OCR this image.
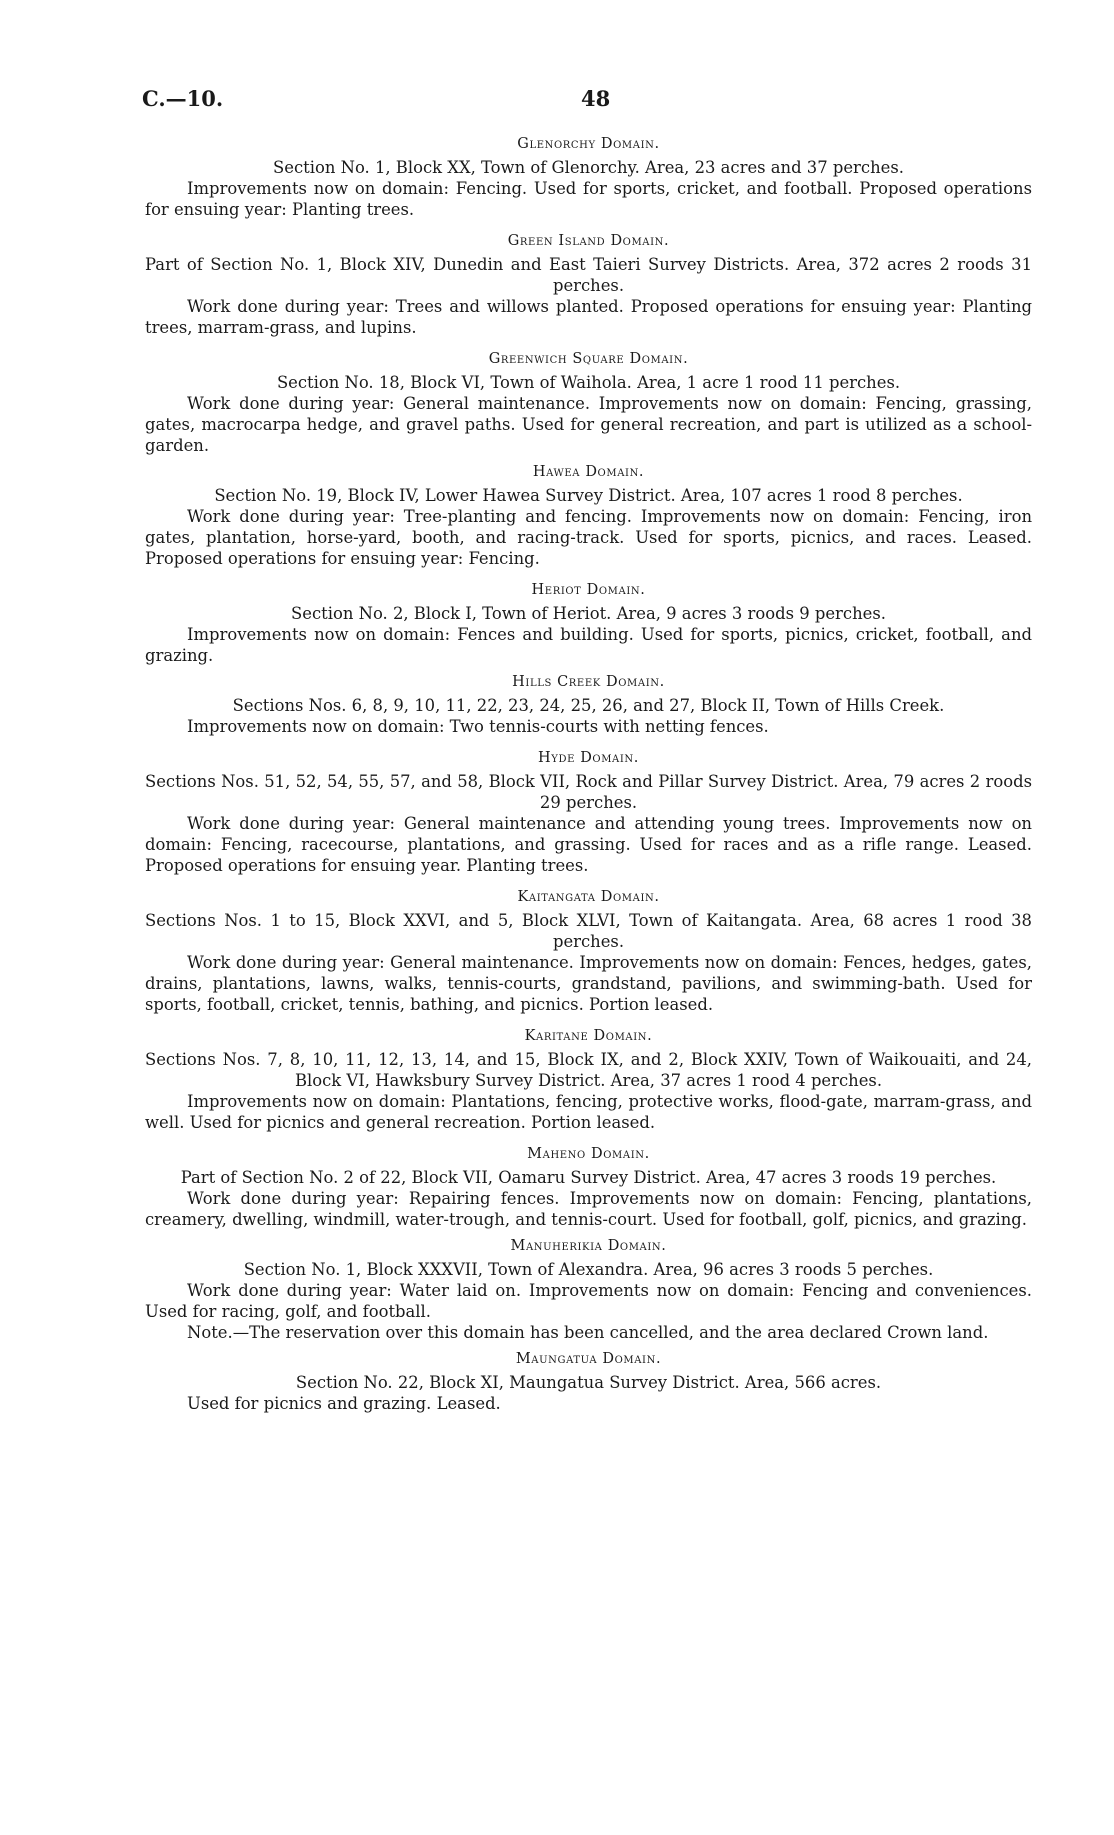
C.—10.	48

Glenorchy Domain.

Section No. 1, Block XX, Town of Glenorchy. Area, 23 acres and 37 perches.

Improvements now on domain: Fencing. Used for sports, cricket, and football. Proposed operations for ensuing year: Planting trees.

Green Island Domain.

Part of Section No. 1, Block XIV, Dunedin and East Taieri Survey Districts. Area, 372 acres 2 roods 31 perches.

Work done during year: Trees and willows planted. Proposed operations for ensuing year: Planting trees, marram-grass, and lupins.

Greenwich Square Domain.

Section No. 18, Block VI, Town of Waihola. Area, 1 acre 1 rood 11 perches.

Work done during year: General maintenance. Improvements now on domain: Fencing, grassing, gates, macrocarpa hedge, and gravel paths. Used for general recreation, and part is utilized as a school-garden.

Hawea Domain.

Section No. 19, Block IV, Lower Hawea Survey District. Area, 107 acres 1 rood 8 perches.

Work done during year: Tree-planting and fencing. Improvements now on domain: Fencing, iron gates, plantation, horse-yard, booth, and racing-track. Used for sports, picnics, and races. Leased. Proposed operations for ensuing year: Fencing.

Heriot Domain.

Section No. 2, Block I, Town of Heriot. Area, 9 acres 3 roods 9 perches.

Improvements now on domain: Fences and building. Used for sports, picnics, cricket, football, and grazing.

Hills Creek Domain.

Sections Nos. 6, 8, 9, 10, 11, 22, 23, 24, 25, 26, and 27, Block II, Town of Hills Creek.

Improvements now on domain: Two tennis-courts with netting fences.

Hyde Domain.

Sections Nos. 51, 52, 54, 55, 57, and 58, Block VII, Rock and Pillar Survey District. Area, 79 acres 2 roods 29 perches.

Work done during year: General maintenance and attending young trees. Improvements now on domain: Fencing, racecourse, plantations, and grassing. Used for races and as a rifle range. Leased. Proposed operations for ensuing year. Planting trees.

Kaitangata Domain.

Sections Nos. 1 to 15, Block XXVI, and 5, Block XLVI, Town of Kaitangata. Area, 68 acres 1 rood 38 perches.

Work done during year: General maintenance. Improvements now on domain: Fences, hedges, gates, drains, plantations, lawns, walks, tennis-courts, grandstand, pavilions, and swimming-bath. Used for sports, football, cricket, tennis, bathing, and picnics. Portion leased.

Karitane Domain.

Sections Nos. 7, 8, 10, 11, 12, 13, 14, and 15, Block IX, and 2, Block XXIV, Town of Waikouaiti, and 24, Block VI, Hawksbury Survey District. Area, 37 acres 1 rood 4 perches.

Improvements now on domain: Plantations, fencing, protective works, flood-gate, marram-grass, and well. Used for picnics and general recreation. Portion leased.

Maheno Domain.

Part of Section No. 2 of 22, Block VII, Oamaru Survey District. Area, 47 acres 3 roods 19 perches.

Work done during year: Repairing fences. Improvements now on domain: Fencing, plantations, creamery, dwelling, windmill, water-trough, and tennis-court. Used for football, golf, picnics, and grazing.

Manuherikia Domain.

Section No. 1, Block XXXVII, Town of Alexandra. Area, 96 acres 3 roods 5 perches.

Work done during year: Water laid on. Improvements now on domain: Fencing and conveniences. Used for racing, golf, and football.

Note.—The reservation over this domain has been cancelled, and the area declared Crown land.

Maungatua Domain.

Section No. 22, Block XI, Maungatua Survey District. Area, 566 acres.

Used for picnics and grazing. Leased.
